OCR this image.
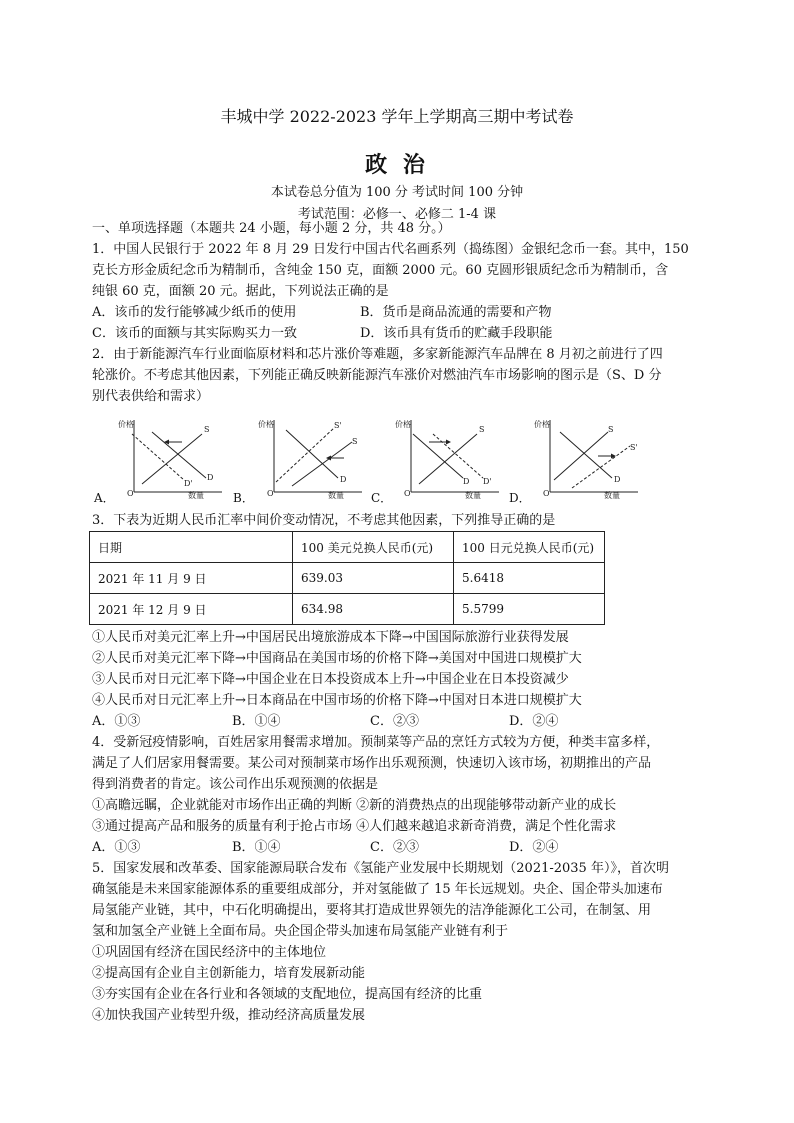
丰城中学 2022-2023 学年上学期高三期中考试卷
政 治
本试卷总分值为 100 分 考试时间 100 分钟
考试范围：必修一、必修二 1-4 课
一、单项选择题（本题共 24 小题，每小题 2 分，共 48 分。）
1．中国人民银行于 2022 年 8 月 29 日发行中国古代名画系列（捣练图）金银纪念币一套。其中，150
克长方形金质纪念币为精制币，含纯金 150 克，面额 2000 元。60 克圆形银质纪念币为精制币，含
纯银 60 克，面额 20 元。据此，下列说法正确的是
A．该币的发行能够减少纸币的使用	B．货币是商品流通的需要和产物
C．该币的面额与其实际购买力一致	D．该币具有货币的贮藏手段职能
2．由于新能源汽车行业面临原材料和芯片涨价等难题，多家新能源汽车品牌在 8 月初之前进行了四
轮涨价。不考虑其他因素，下列能正确反映新能源汽车涨价对燃油汽车市场影响的图示是（S、D 分
别代表供给和需求）
A．
价格
数量
O
S
D
D'
B．
价格
数量
O
S'
S
D
C．
价格
数量
O
S
D D'
D．
价格
数量
O
S
S'
D
3．下表为近期人民币汇率中间价变动情况，不考虑其他因素，下列推导正确的是
日期	100 美元兑换人民币(元)	100 日元兑换人民币(元)
2021 年 11 月 9 日	639.03	5.6418
2021 年 12 月 9 日	634.98	5.5799
①人民币对美元汇率上升→中国居民出境旅游成本下降→中国国际旅游行业获得发展
②人民币对美元汇率下降→中国商品在美国市场的价格下降→美国对中国进口规模扩大
③人民币对日元汇率下降→中国企业在日本投资成本上升→中国企业在日本投资减少
④人民币对日元汇率上升→日本商品在中国市场的价格下降→中国对日本进口规模扩大
A．①③	B．①④	C．②③	D．②④
4．受新冠疫情影响，百姓居家用餐需求增加。预制菜等产品的烹饪方式较为方便，种类丰富多样，
满足了人们居家用餐需要。某公司对预制菜市场作出乐观预测，快速切入该市场，初期推出的产品
得到消费者的肯定。该公司作出乐观预测的依据是
①高瞻远瞩，企业就能对市场作出正确的判断 ②新的消费热点的出现能够带动新产业的成长
③通过提高产品和服务的质量有利于抢占市场 ④人们越来越追求新奇消费，满足个性化需求
A．①③	B．①④	C．②③	D．②④
5．国家发展和改革委、国家能源局联合发布《氢能产业发展中长期规划（2021-2035 年）》，首次明
确氢能是未来国家能源体系的重要组成部分，并对氢能做了 15 年长远规划。央企、国企带头加速布
局氢能产业链，其中，中石化明确提出，要将其打造成世界领先的洁净能源化工公司，在制氢、用
氢和加氢全产业链上全面布局。央企国企带头加速布局氢能产业链有利于
①巩固国有经济在国民经济中的主体地位
②提高国有企业自主创新能力，培育发展新动能
③夯实国有企业在各行业和各领域的支配地位，提高国有经济的比重
④加快我国产业转型升级，推动经济高质量发展
